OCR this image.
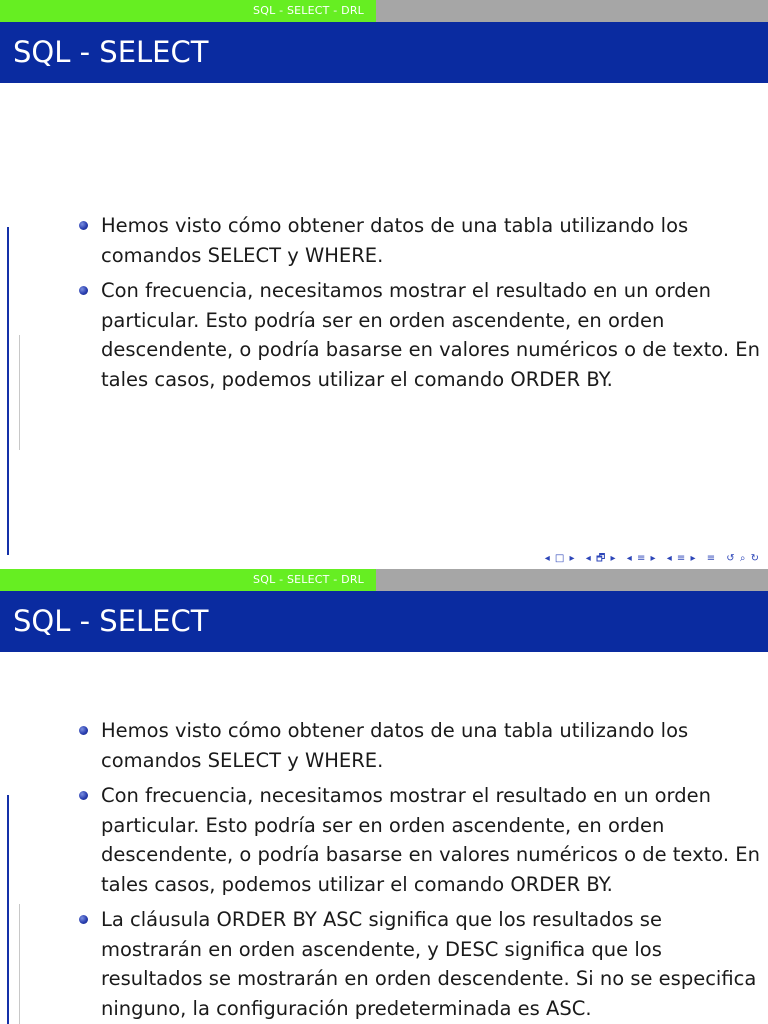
SQL - SELECT - DRL
SQL - SELECT
Hemos visto cómo obtener datos de una tabla utilizando los comandos SELECT y WHERE.
Con frecuencia, necesitamos mostrar el resultado en un orden particular. Esto podría ser en orden ascendente, en orden descendente, o podría basarse en valores numéricos o de texto. En tales casos, podemos utilizar el comando ORDER BY.
◂ □ ▸ ◂ 🗗 ▸ ◂ ≡ ▸ ◂ ≡ ▸ ≡ ↺ ⌕ ↻
SQL - SELECT - DRL
SQL - SELECT
Hemos visto cómo obtener datos de una tabla utilizando los comandos SELECT y WHERE.
Con frecuencia, necesitamos mostrar el resultado en un orden particular. Esto podría ser en orden ascendente, en orden descendente, o podría basarse en valores numéricos o de texto. En tales casos, podemos utilizar el comando ORDER BY.
La cláusula ORDER BY ASC significa que los resultados se mostrarán en orden ascendente, y DESC significa que los resultados se mostrarán en orden descendente. Si no se especifica ninguno, la configuración predeterminada es ASC.
